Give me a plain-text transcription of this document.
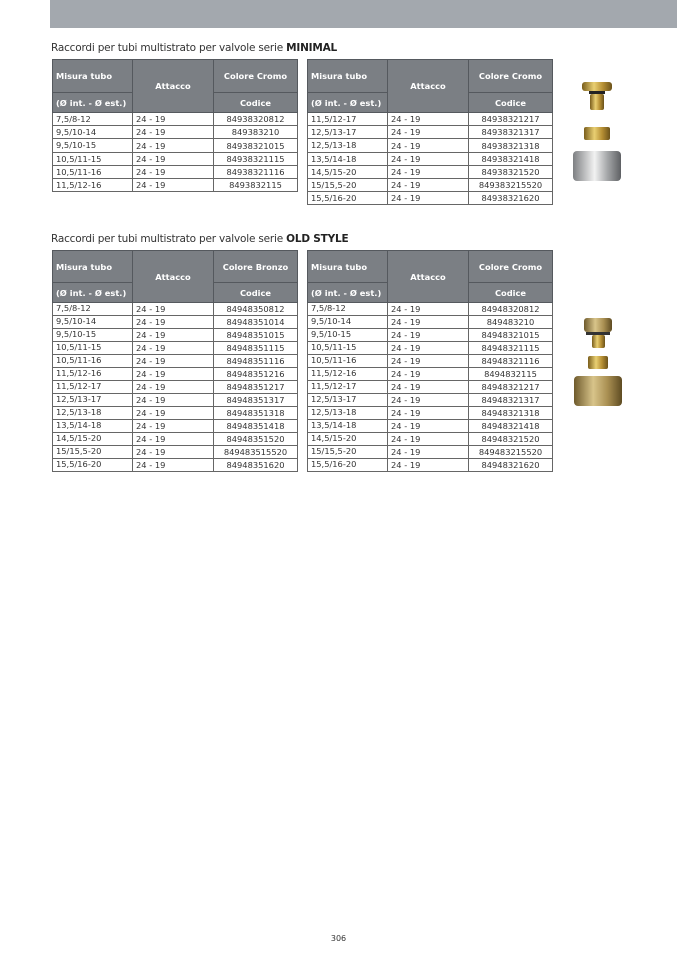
Raccordi per tubi multistrato per valvole serie MINIMAL
Raccordi per tubi multistrato per valvole serie OLD STYLE
Misura tubo	Attacco	Colore Cromo
(Ø int. - Ø est.)		Codice
7,5/8-12	24 - 19	84938320812
9,5/10-14	24 - 19	849383210
9,5/10-15	24 - 19	84938321015
10,5/11-15	24 - 19	84938321115
10,5/11-16	24 - 19	84938321116
11,5/12-16	24 - 19	8493832115
Misura tubo	Attacco	Colore Cromo
(Ø int. - Ø est.)		Codice
11,5/12-17	24 - 19	84938321217
12,5/13-17	24 - 19	84938321317
12,5/13-18	24 - 19	84938321318
13,5/14-18	24 - 19	84938321418
14,5/15-20	24 - 19	84938321520
15/15,5-20	24 - 19	849383215520
15,5/16-20	24 - 19	84938321620
Misura tubo	Attacco	Colore Bronzo
(Ø int. - Ø est.)		Codice
7,5/8-12	24 - 19	84948350812
9,5/10-14	24 - 19	84948351014
9,5/10-15	24 - 19	84948351015
10,5/11-15	24 - 19	84948351115
10,5/11-16	24 - 19	84948351116
11,5/12-16	24 - 19	84948351216
11,5/12-17	24 - 19	84948351217
12,5/13-17	24 - 19	84948351317
12,5/13-18	24 - 19	84948351318
13,5/14-18	24 - 19	84948351418
14,5/15-20	24 - 19	84948351520
15/15,5-20	24 - 19	849483515520
15,5/16-20	24 - 19	84948351620
Misura tubo	Attacco	Colore Cromo
(Ø int. - Ø est.)		Codice
7,5/8-12	24 - 19	84948320812
9,5/10-14	24 - 19	849483210
9,5/10-15	24 - 19	84948321015
10,5/11-15	24 - 19	84948321115
10,5/11-16	24 - 19	84948321116
11,5/12-16	24 - 19	8494832115
11,5/12-17	24 - 19	84948321217
12,5/13-17	24 - 19	84948321317
12,5/13-18	24 - 19	84948321318
13,5/14-18	24 - 19	84948321418
14,5/15-20	24 - 19	84948321520
15/15,5-20	24 - 19	849483215520
15,5/16-20	24 - 19	84948321620
306
